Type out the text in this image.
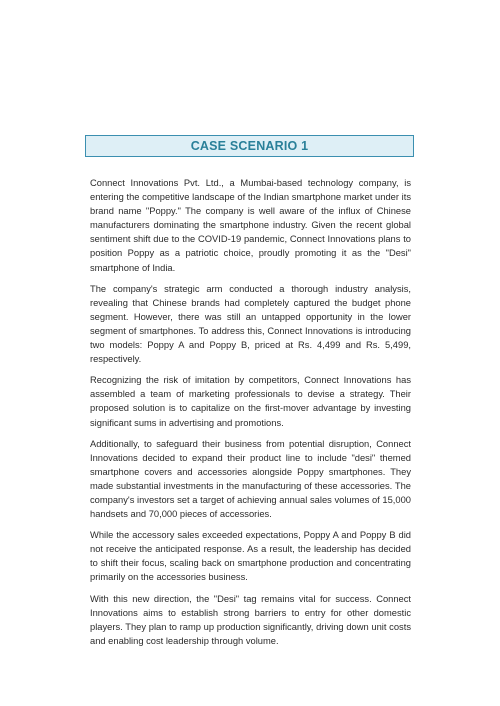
CASE SCENARIO 1

Connect Innovations Pvt. Ltd., a Mumbai-based technology company, is entering the competitive landscape of the Indian smartphone market under its brand name "Poppy." The company is well aware of the influx of Chinese manufacturers dominating the smartphone industry. Given the recent global sentiment shift due to the COVID-19 pandemic, Connect Innovations plans to position Poppy as a patriotic choice, proudly promoting it as the "Desi" smartphone of India.

The company's strategic arm conducted a thorough industry analysis, revealing that Chinese brands had completely captured the budget phone segment. However, there was still an untapped opportunity in the lower segment of smartphones. To address this, Connect Innovations is introducing two models: Poppy A and Poppy B, priced at Rs. 4,499 and Rs. 5,499, respectively.

Recognizing the risk of imitation by competitors, Connect Innovations has assembled a team of marketing professionals to devise a strategy. Their proposed solution is to capitalize on the first-mover advantage by investing significant sums in advertising and promotions.

Additionally, to safeguard their business from potential disruption, Connect Innovations decided to expand their product line to include "desi" themed smartphone covers and accessories alongside Poppy smartphones. They made substantial investments in the manufacturing of these accessories. The company's investors set a target of achieving annual sales volumes of 15,000 handsets and 70,000 pieces of accessories.

While the accessory sales exceeded expectations, Poppy A and Poppy B did not receive the anticipated response. As a result, the leadership has decided to shift their focus, scaling back on smartphone production and concentrating primarily on the accessories business.

With this new direction, the "Desi" tag remains vital for success. Connect Innovations aims to establish strong barriers to entry for other domestic players. They plan to ramp up production significantly, driving down unit costs and enabling cost leadership through volume.
